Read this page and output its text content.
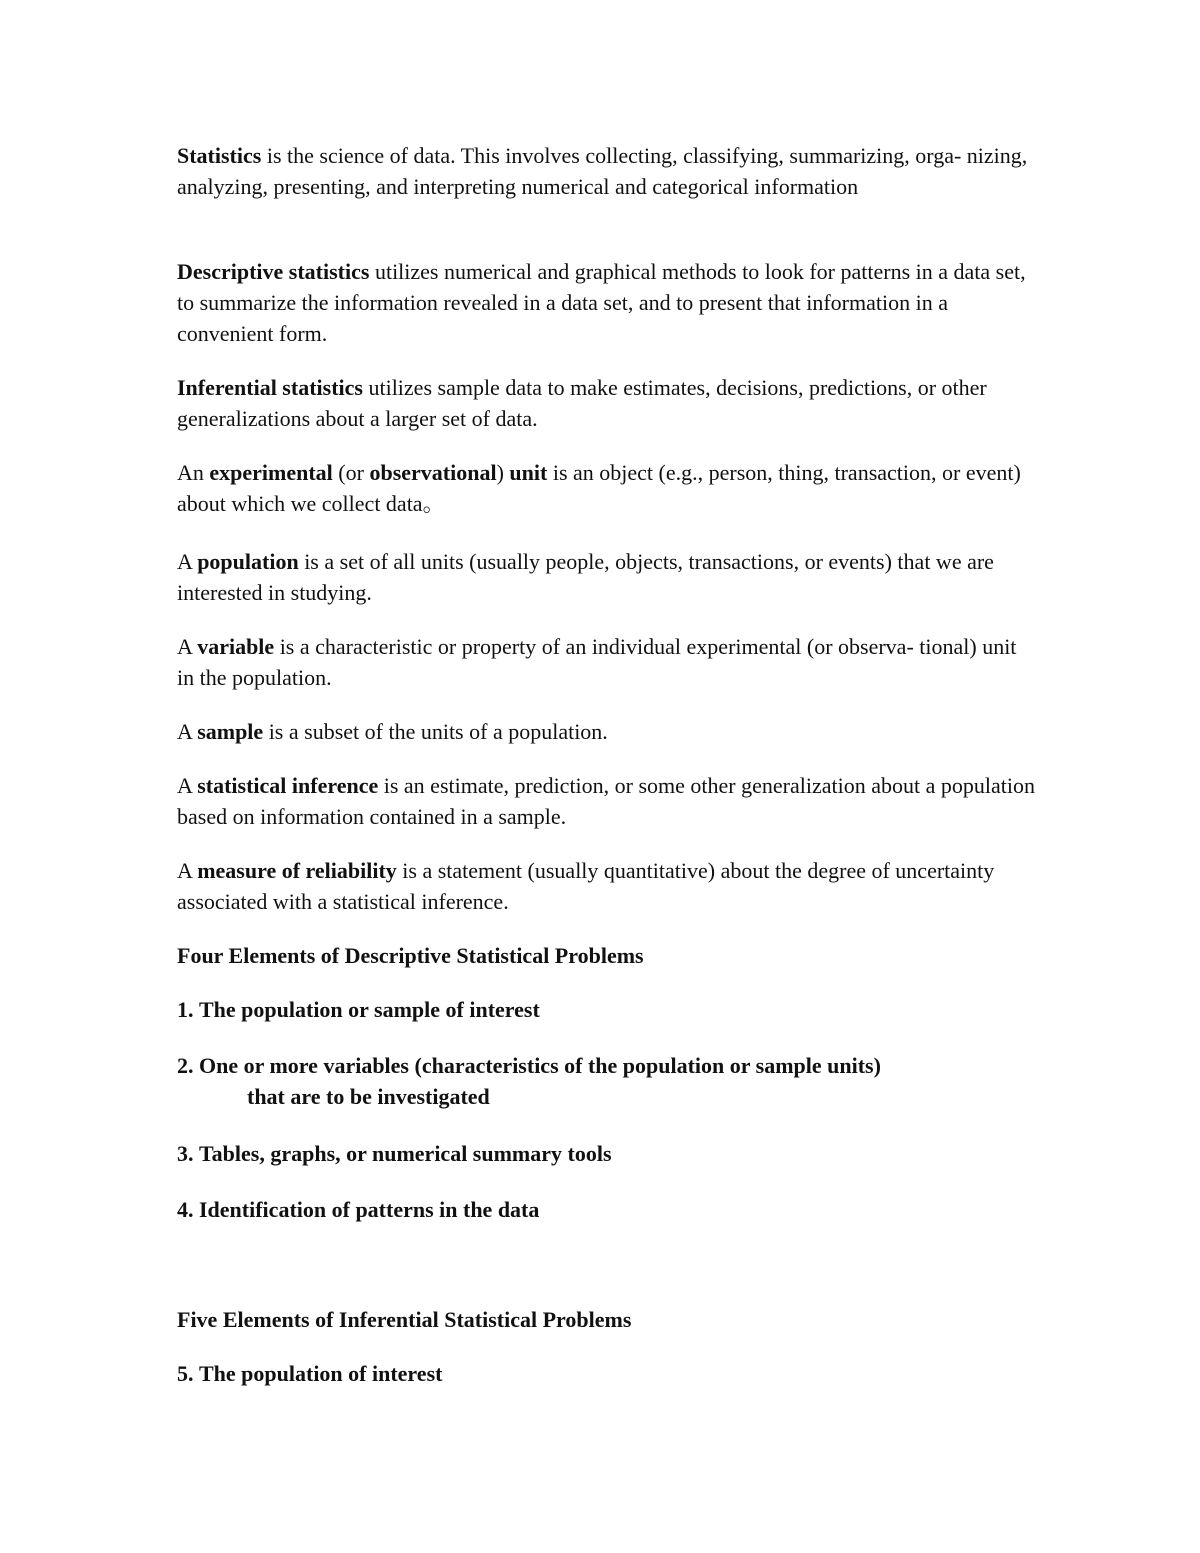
Statistics is the science of data. This involves collecting, classifying, summarizing, orga- nizing, analyzing, presenting, and interpreting numerical and categorical information

Descriptive statistics utilizes numerical and graphical methods to look for patterns in a data set, to summarize the information revealed in a data set, and to present that information in a convenient form.

Inferential statistics utilizes sample data to make estimates, decisions, predictions, or other generalizations about a larger set of data.

An experimental (or observational) unit is an object (e.g., person, thing, transaction, or event) about which we collect data。

A population is a set of all units (usually people, objects, transactions, or events) that we are interested in studying.

A variable is a characteristic or property of an individual experimental (or observa- tional) unit in the population.

A sample is a subset of the units of a population.

A statistical inference is an estimate, prediction, or some other generalization about a population based on information contained in a sample.

A measure of reliability is a statement (usually quantitative) about the degree of uncertainty associated with a statistical inference.

Four Elements of Descriptive Statistical Problems

1. The population or sample of interest

2. One or more variables (characteristics of the population or sample units)
that are to be investigated

3. Tables, graphs, or numerical summary tools

4. Identification of patterns in the data

Five Elements of Inferential Statistical Problems

5. The population of interest
